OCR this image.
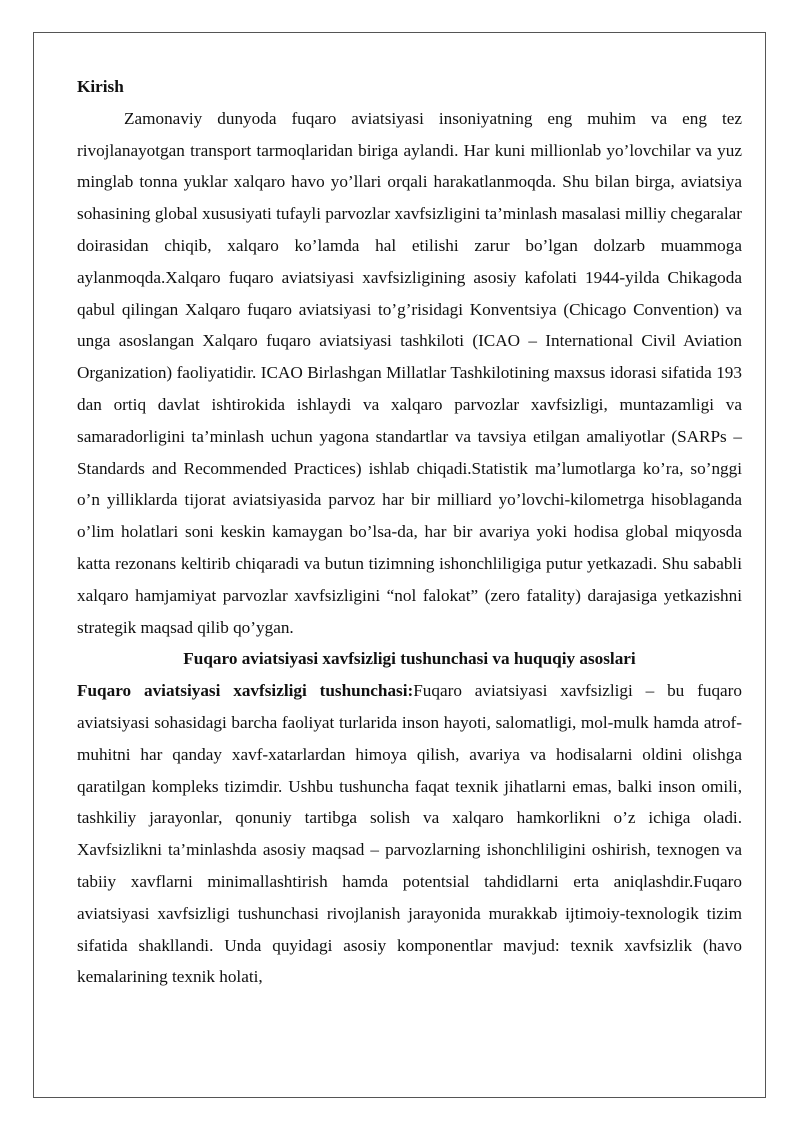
Kirish

Zamonaviy dunyoda fuqaro aviatsiyasi insoniyatning eng muhim va eng tez rivojlanayotgan transport tarmoqlaridan biriga aylandi. Har kuni millionlab yo’lovchilar va yuz minglab tonna yuklar xalqaro havo yo’llari orqali harakatlanmoqda. Shu bilan birga, aviatsiya sohasining global xususiyati tufayli parvozlar xavfsizligini ta’minlash masalasi milliy chegaralar doirasidan chiqib, xalqaro ko’lamda hal etilishi zarur bo’lgan dolzarb muammoga aylanmoqda.Xalqaro fuqaro aviatsiyasi xavfsizligining asosiy kafolati 1944-yilda Chikagoda qabul qilingan Xalqaro fuqaro aviatsiyasi to’g’risidagi Konventsiya (Chicago Convention) va unga asoslangan Xalqaro fuqaro aviatsiyasi tashkiloti (ICAO – International Civil Aviation Organization) faoliyatidir. ICAO Birlashgan Millatlar Tashkilotining maxsus idorasi sifatida 193 dan ortiq davlat ishtirokida ishlaydi va xalqaro parvozlar xavfsizligi, muntazamligi va samaradorligini ta’minlash uchun yagona standartlar va tavsiya etilgan amaliyotlar (SARPs – Standards and Recommended Practices) ishlab chiqadi.Statistik ma’lumotlarga ko’ra, so’nggi o’n yilliklarda tijorat aviatsiyasida parvoz har bir milliard yo’lovchi-kilometrga hisoblaganda o’lim holatlari soni keskin kamaygan bo’lsa-da, har bir avariya yoki hodisa global miqyosda katta rezonans keltirib chiqaradi va butun tizimning ishonchliligiga putur yetkazadi. Shu sababli xalqaro hamjamiyat parvozlar xavfsizligini “nol falokat” (zero fatality) darajasiga yetkazishni strategik maqsad qilib qo’ygan.

Fuqaro aviatsiyasi xavfsizligi tushunchasi va huquqiy asoslari

Fuqaro aviatsiyasi xavfsizligi tushunchasi:Fuqaro aviatsiyasi xavfsizligi – bu fuqaro aviatsiyasi sohasidagi barcha faoliyat turlarida inson hayoti, salomatligi, mol-mulk hamda atrof-muhitni har qanday xavf-xatarlardan himoya qilish, avariya va hodisalarni oldini olishga qaratilgan kompleks tizimdir. Ushbu tushuncha faqat texnik jihatlarni emas, balki inson omili, tashkiliy jarayonlar, qonuniy tartibga solish va xalqaro hamkorlikni o’z ichiga oladi. Xavfsizlikni ta’minlashda asosiy maqsad – parvozlarning ishonchliligini oshirish, texnogen va tabiiy xavflarni minimallashtirish hamda potentsial tahdidlarni erta aniqlashdir.Fuqaro aviatsiyasi xavfsizligi tushunchasi rivojlanish jarayonida murakkab ijtimoiy-texnologik tizim sifatida shakllandi. Unda quyidagi asosiy komponentlar mavjud: texnik xavfsizlik (havo kemalarining texnik holati,
